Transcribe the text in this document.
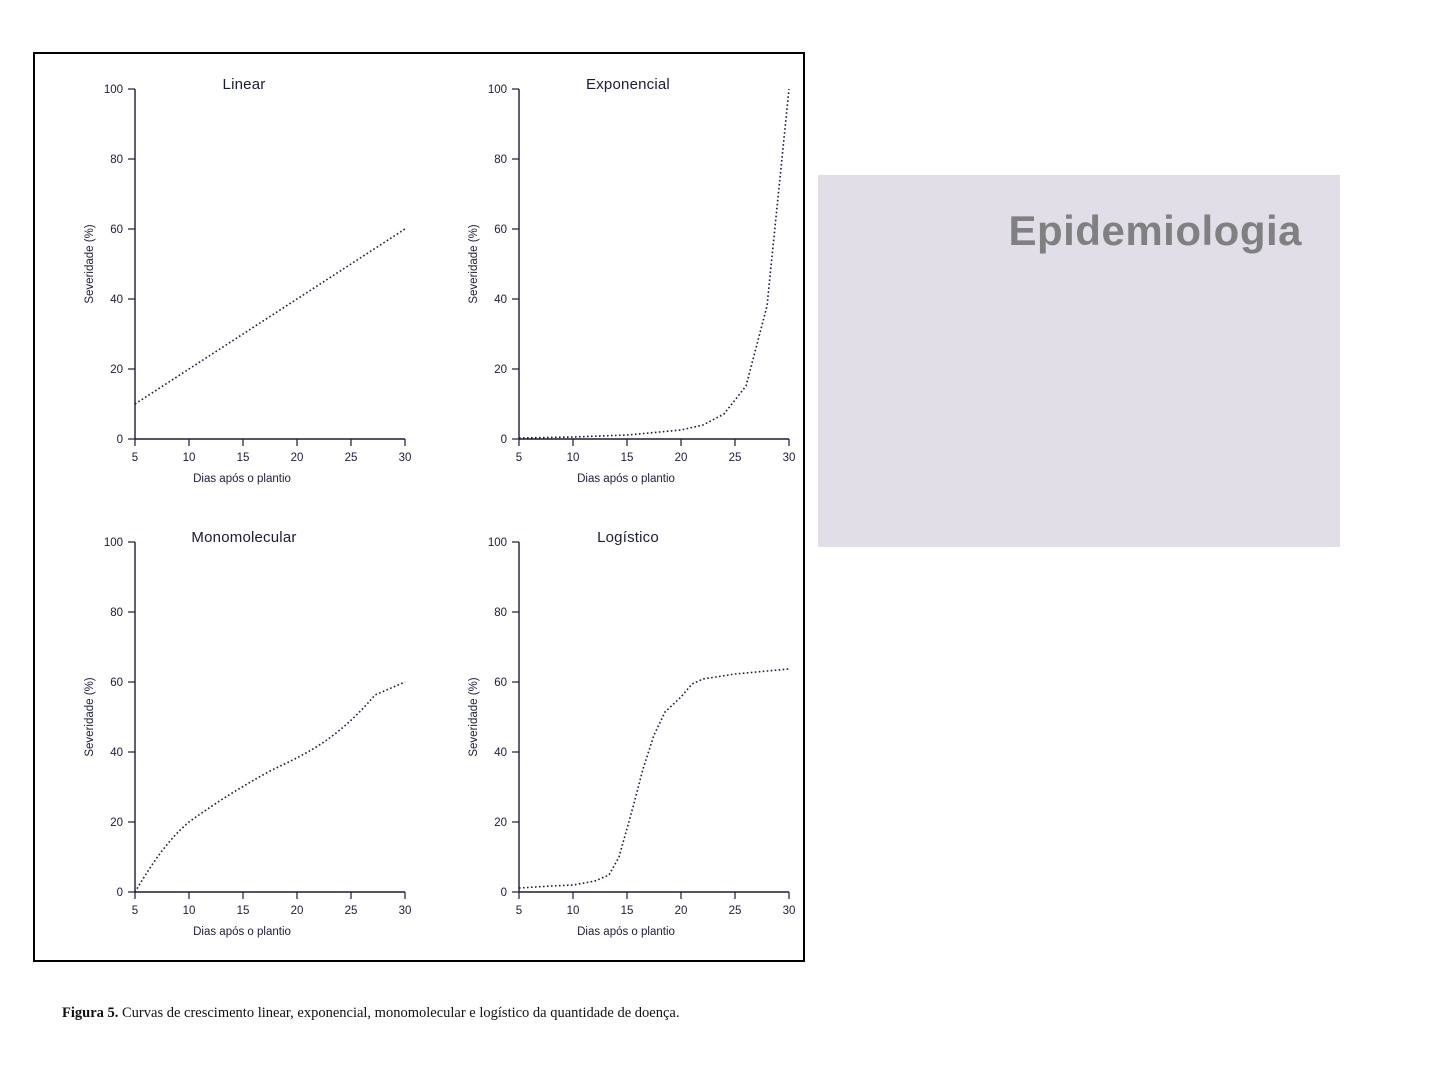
Linear
0
20
40
60
80
100
5	10	15	20	25	30
Dias após o plantio
Severidade (%)
Exponencial
0
20
40
60
80
100
5	10	15	20	25	30
Dias após o plantio
Severidade (%)
Monomolecular
0
20
40
60
80
100
5	10	15	20	25	30
Dias após o plantio
Severidade (%)
Logístico
0
20
40
60
80
100
5	10	15	20	25	30
Dias após o plantio
Severidade (%)
Figura 5. Curvas de crescimento linear, exponencial, monomolecular e logístico da quantidade de doença.
Epidemiologia
